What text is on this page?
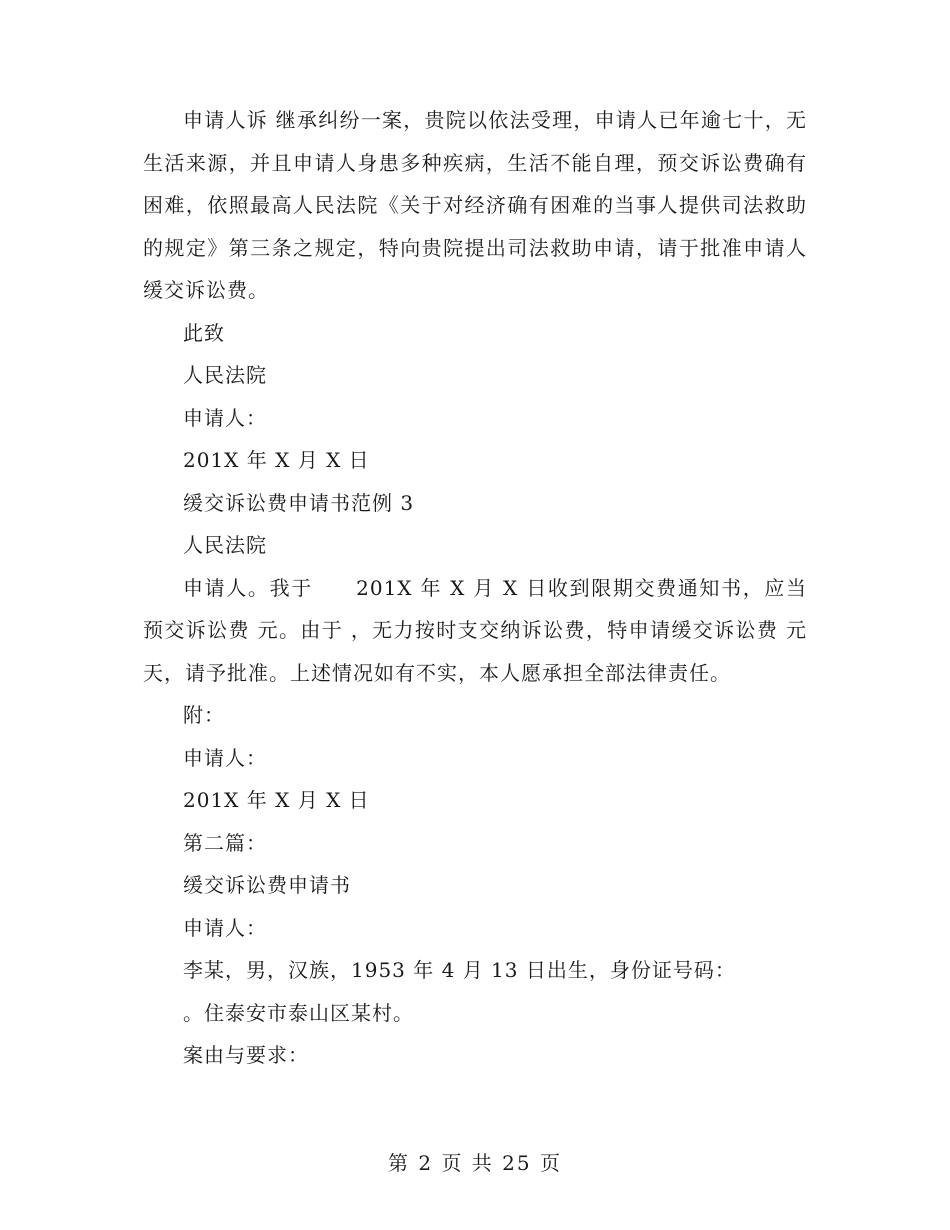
申请人诉 继承纠纷一案，贵院以依法受理，申请人已年逾七十，无生活来源，并且申请人身患多种疾病，生活不能自理，预交诉讼费确有困难，依照最高人民法院《关于对经济确有困难的当事人提供司法救助的规定》第三条之规定，特向贵院提出司法救助申请，请于批准申请人缓交诉讼费。

此致

人民法院

申请人：

201X 年 X 月 X 日

缓交诉讼费申请书范例 3

人民法院

申请人。我于　　201X 年 X 月 X 日收到限期交费通知书，应当预交诉讼费 元。由于 ，无力按时支交纳诉讼费，特申请缓交诉讼费 元 天，请予批准。上述情况如有不实，本人愿承担全部法律责任。

附：

申请人：

201X 年 X 月 X 日

第二篇：

缓交诉讼费申请书

申请人：

李某，男，汉族，1953 年 4 月 13 日出生，身份证号码：

。住泰安市泰山区某村。

案由与要求：

第 2 页 共 25 页
